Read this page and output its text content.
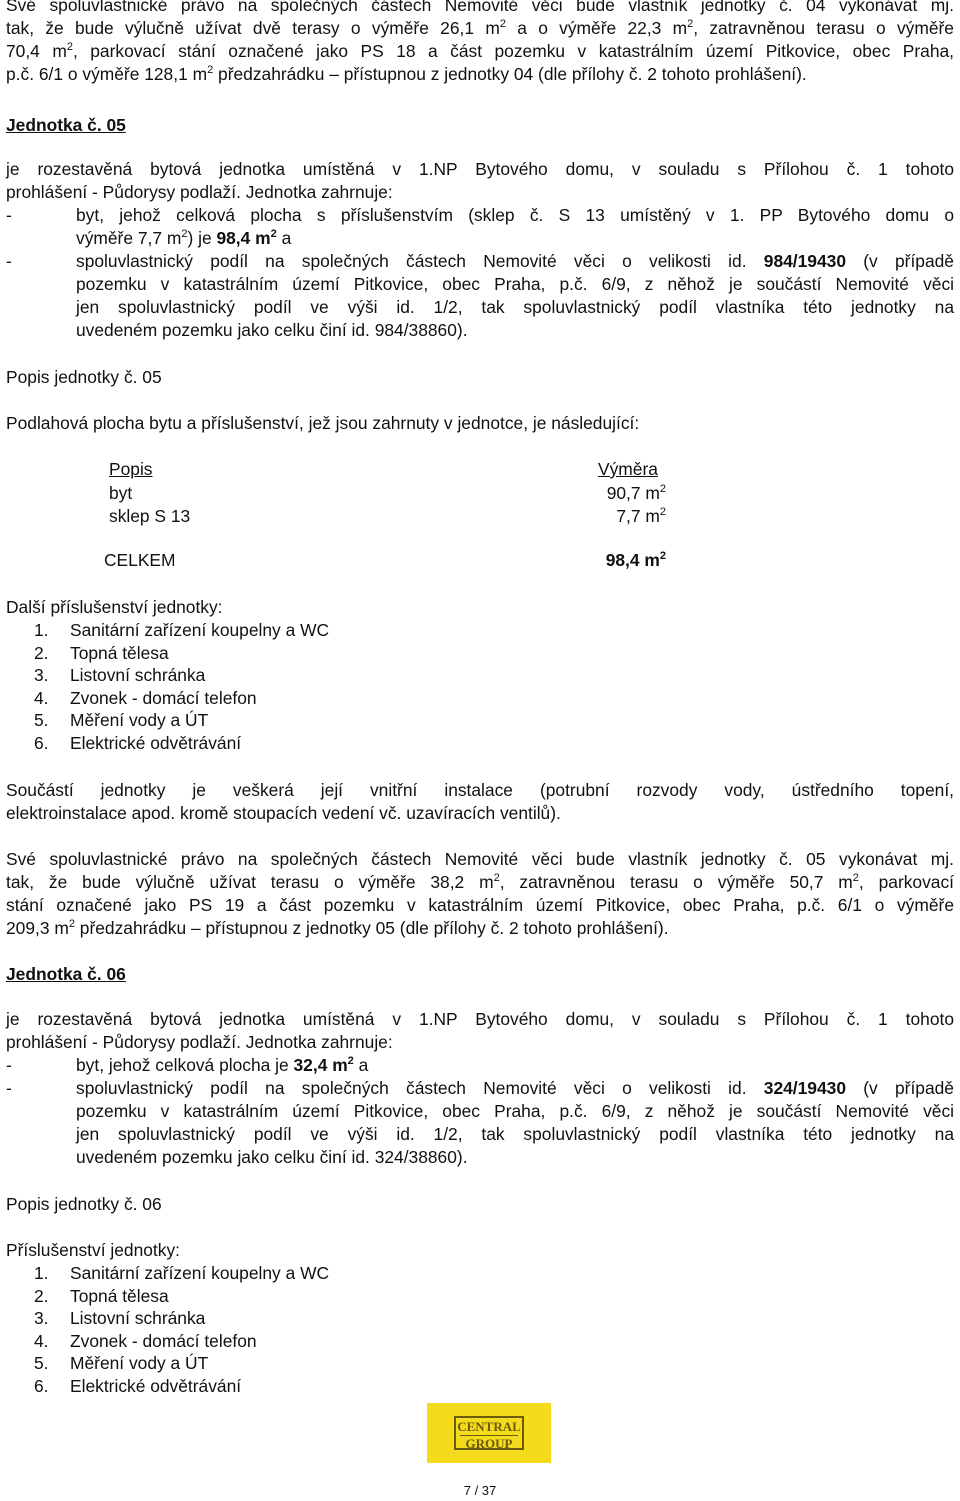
Své spoluvlastnické právo na společných částech Nemovité věci bude vlastník jednotky č. 04 vykonávat mj.
tak, že bude výlučně užívat dvě terasy o výměře 26,1 $m^2$ a o výměře 22,3 $m^2$, zatravněnou terasu o výměře
70,4 $m^2$, parkovací stání označené jako PS 18 a část pozemku v katastrálním území Pitkovice, obec Praha,
p.č. 6/1 o výměře 128,1 $m^2$ předzahrádku – přístupnou z jednotky 04 (dle přílohy č. 2 tohoto prohlášení).
Jednotka č. 05
je rozestavěná bytová jednotka umístěná v 1.NP Bytového domu, v souladu s Přílohou č. 1 tohoto
prohlášení - Půdorysy podlaží. Jednotka zahrnuje:
-	byt, jehož celková plocha s příslušenstvím (sklep č. S 13 umístěný v 1. PP Bytového domu o
výměře 7,7 $m^2$) je 98,4 $m^2$ a
-	spoluvlastnický podíl na společných částech Nemovité věci o velikosti id. 984/19430 (v případě
pozemku v katastrálním území Pitkovice, obec Praha, p.č. 6/9, z něhož je součástí Nemovité věci
jen spoluvlastnický podíl ve výši id. 1/2, tak spoluvlastnický podíl vlastníka této jednotky na
uvedeném pozemku jako celku činí id. 984/38860).
Popis jednotky č. 05
Podlahová plocha bytu a příslušenství, jež jsou zahrnuty v jednotce, je následující:
Popis	Výměra
byt	90,7 $m^2$
sklep S 13	7,7 $m^2$
CELKEM	98,4 $m^2$
Další příslušenství jednotky:
1. Sanitární zařízení koupelny a WC
2. Topná tělesa
3. Listovní schránka
4. Zvonek - domácí telefon
5. Měření vody a ÚT
6. Elektrické odvětrávání
Součástí jednotky je veškerá její vnitřní instalace (potrubní rozvody vody, ústředního topení,
elektroinstalace apod. kromě stoupacích vedení vč. uzavíracích ventilů).
Své spoluvlastnické právo na společných částech Nemovité věci bude vlastník jednotky č. 05 vykonávat mj.
tak, že bude výlučně užívat terasu o výměře 38,2 $m^2$, zatravněnou terasu o výměře 50,7 $m^2$, parkovací
stání označené jako PS 19 a část pozemku v katastrálním území Pitkovice, obec Praha, p.č. 6/1 o výměře
209,3 $m^2$ předzahrádku – přístupnou z jednotky 05 (dle přílohy č. 2 tohoto prohlášení).
Jednotka č. 06
je rozestavěná bytová jednotka umístěná v 1.NP Bytového domu, v souladu s Přílohou č. 1 tohoto
prohlášení - Půdorysy podlaží. Jednotka zahrnuje:
-	byt, jehož celková plocha je 32,4 $m^2$ a
-	spoluvlastnický podíl na společných částech Nemovité věci o velikosti id. 324/19430 (v případě
pozemku v katastrálním území Pitkovice, obec Praha, p.č. 6/9, z něhož je součástí Nemovité věci
jen spoluvlastnický podíl ve výši id. 1/2, tak spoluvlastnický podíl vlastníka této jednotky na
uvedeném pozemku jako celku činí id. 324/38860).
Popis jednotky č. 06
Příslušenství jednotky:
1. Sanitární zařízení koupelny a WC
2. Topná tělesa
3. Listovní schránka
4. Zvonek - domácí telefon
5. Měření vody a ÚT
6. Elektrické odvětrávání
CENTRAL
GROUP
7 / 37
